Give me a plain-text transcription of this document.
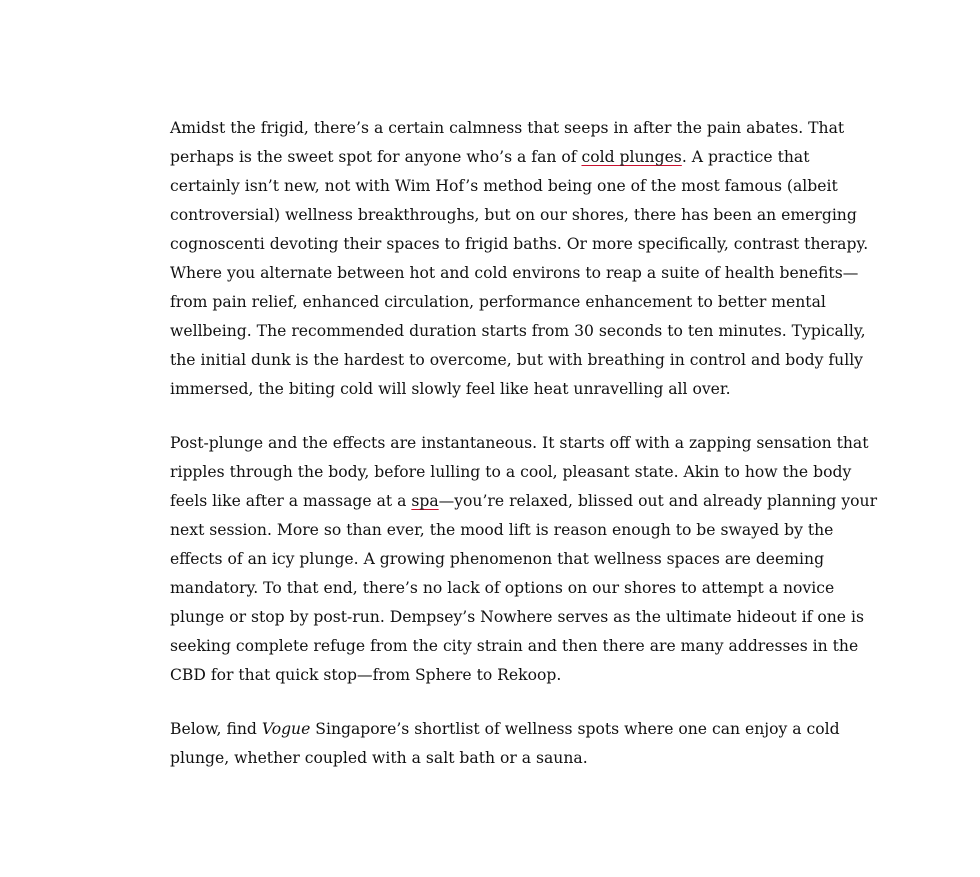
Amidst the frigid, there’s a certain calmness that seeps in after the pain abates. That
perhaps is the sweet spot for anyone who’s a fan of cold plunges. A practice that
certainly isn’t new, not with Wim Hof’s method being one of the most famous (albeit
controversial) wellness breakthroughs, but on our shores, there has been an emerging
cognoscenti devoting their spaces to frigid baths. Or more specifically, contrast therapy.
Where you alternate between hot and cold environs to reap a suite of health benefits—
from pain relief, enhanced circulation, performance enhancement to better mental
wellbeing. The recommended duration starts from 30 seconds to ten minutes. Typically,
the initial dunk is the hardest to overcome, but with breathing in control and body fully
immersed, the biting cold will slowly feel like heat unravelling all over.

Post-plunge and the effects are instantaneous. It starts off with a zapping sensation that
ripples through the body, before lulling to a cool, pleasant state. Akin to how the body
feels like after a massage at a spa—you’re relaxed, blissed out and already planning your
next session. More so than ever, the mood lift is reason enough to be swayed by the
effects of an icy plunge. A growing phenomenon that wellness spaces are deeming
mandatory. To that end, there’s no lack of options on our shores to attempt a novice
plunge or stop by post-run. Dempsey’s Nowhere serves as the ultimate hideout if one is
seeking complete refuge from the city strain and then there are many addresses in the
CBD for that quick stop—from Sphere to Rekoop.

Below, find Vogue Singapore’s shortlist of wellness spots where one can enjoy a cold
plunge, whether coupled with a salt bath or a sauna.
